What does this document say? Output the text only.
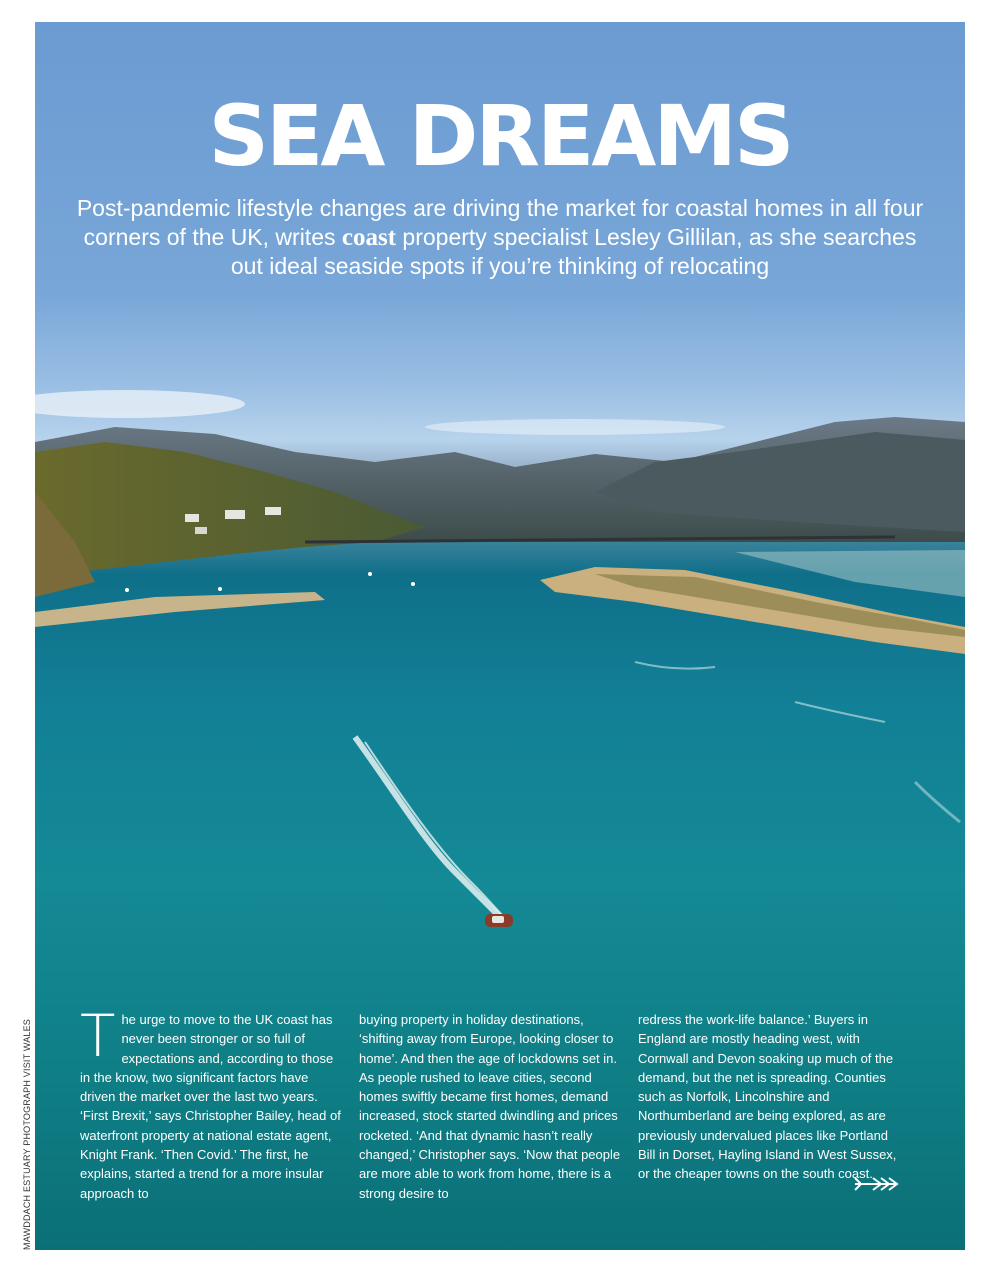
SEA DREAMS

Post-pandemic lifestyle changes are driving the market for coastal homes in all four corners of the UK, writes coast property specialist Lesley Gillilan, as she searches out ideal seaside spots if you’re thinking of relocating

The urge to move to the UK coast has never been stronger or so full of expectations and, according to those in the know, two significant factors have driven the market over the last two years. ‘First Brexit,’ says Christopher Bailey, head of waterfront property at national estate agent, Knight Frank. ‘Then Covid.’ The first, he explains, started a trend for a more insular approach to

buying property in holiday destinations, ‘shifting away from Europe, looking closer to home’. And then the age of lockdowns set in. As people rushed to leave cities, second homes swiftly became first homes, demand increased, stock started dwindling and prices rocketed. ‘And that dynamic hasn’t really changed,’ Christopher says. ‘Now that people are more able to work from home, there is a strong desire to

redress the work-life balance.’ Buyers in England are mostly heading west, with Cornwall and Devon soaking up much of the demand, but the net is spreading. Counties such as Norfolk, Lincolnshire and Northumberland are being explored, as are previously undervalued places like Portland Bill in Dorset, Hayling Island in West Sussex, or the cheaper towns on the south coast.

MAWDDACH ESTUARY PHOTOGRAPH VISIT WALES
